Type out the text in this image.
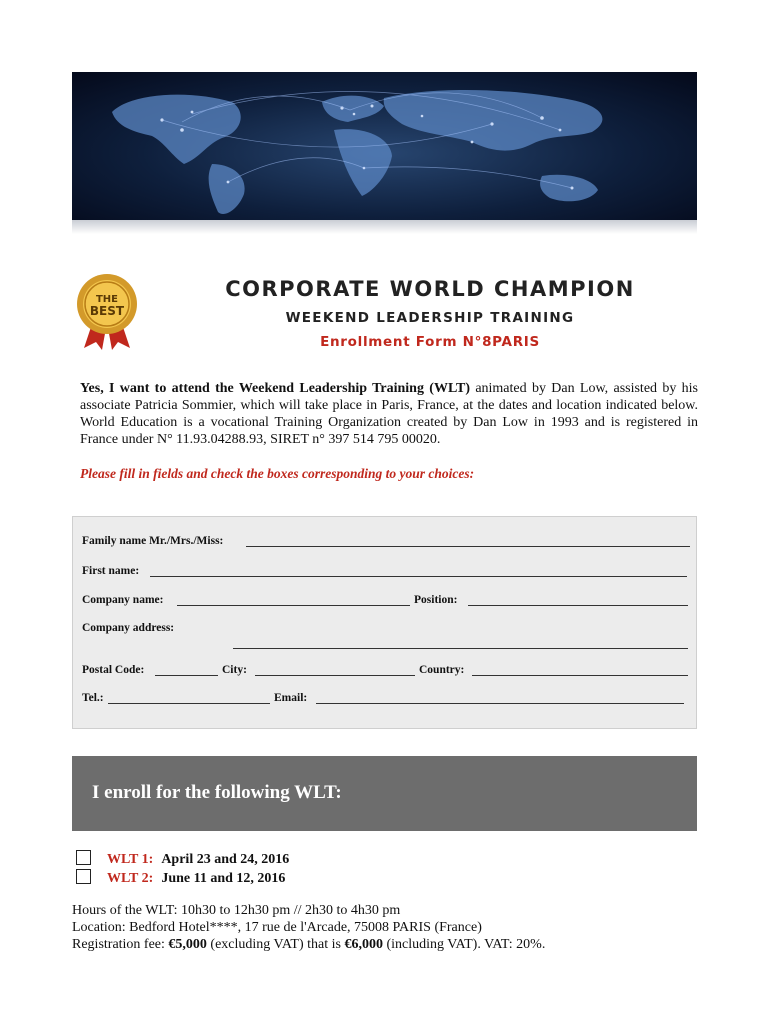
THE
BEST
CORPORATE WORLD CHAMPION
WEEKEND LEADERSHIP TRAINING
Enrollment Form N°8PARIS

Yes, I want to attend the Weekend Leadership Training (WLT) animated by Dan Low, assisted by his associate Patricia Sommier, which will take place in Paris, France, at the dates and location indicated below. World Education is a vocational Training Organization created by Dan Low in 1993 and is registered in France under N° 11.93.04288.93, SIRET n° 397 514 795 00020.

Please fill in fields and check the boxes corresponding to your choices:

Family name Mr./Mrs./Miss:
First name:
Company name:	Position:
Company address:
Postal Code:	City:	Country:
Tel.:	Email:
I enroll for the following WLT:
WLT 1: April 23 and 24, 2016
WLT 2: June 11 and 12, 2016
Hours of the WLT: 10h30 to 12h30 pm // 2h30 to 4h30 pm
Location: Bedford Hotel****, 17 rue de l'Arcade, 75008 PARIS (France)
Registration fee: €5,000 (excluding VAT) that is €6,000 (including VAT). VAT: 20%.
